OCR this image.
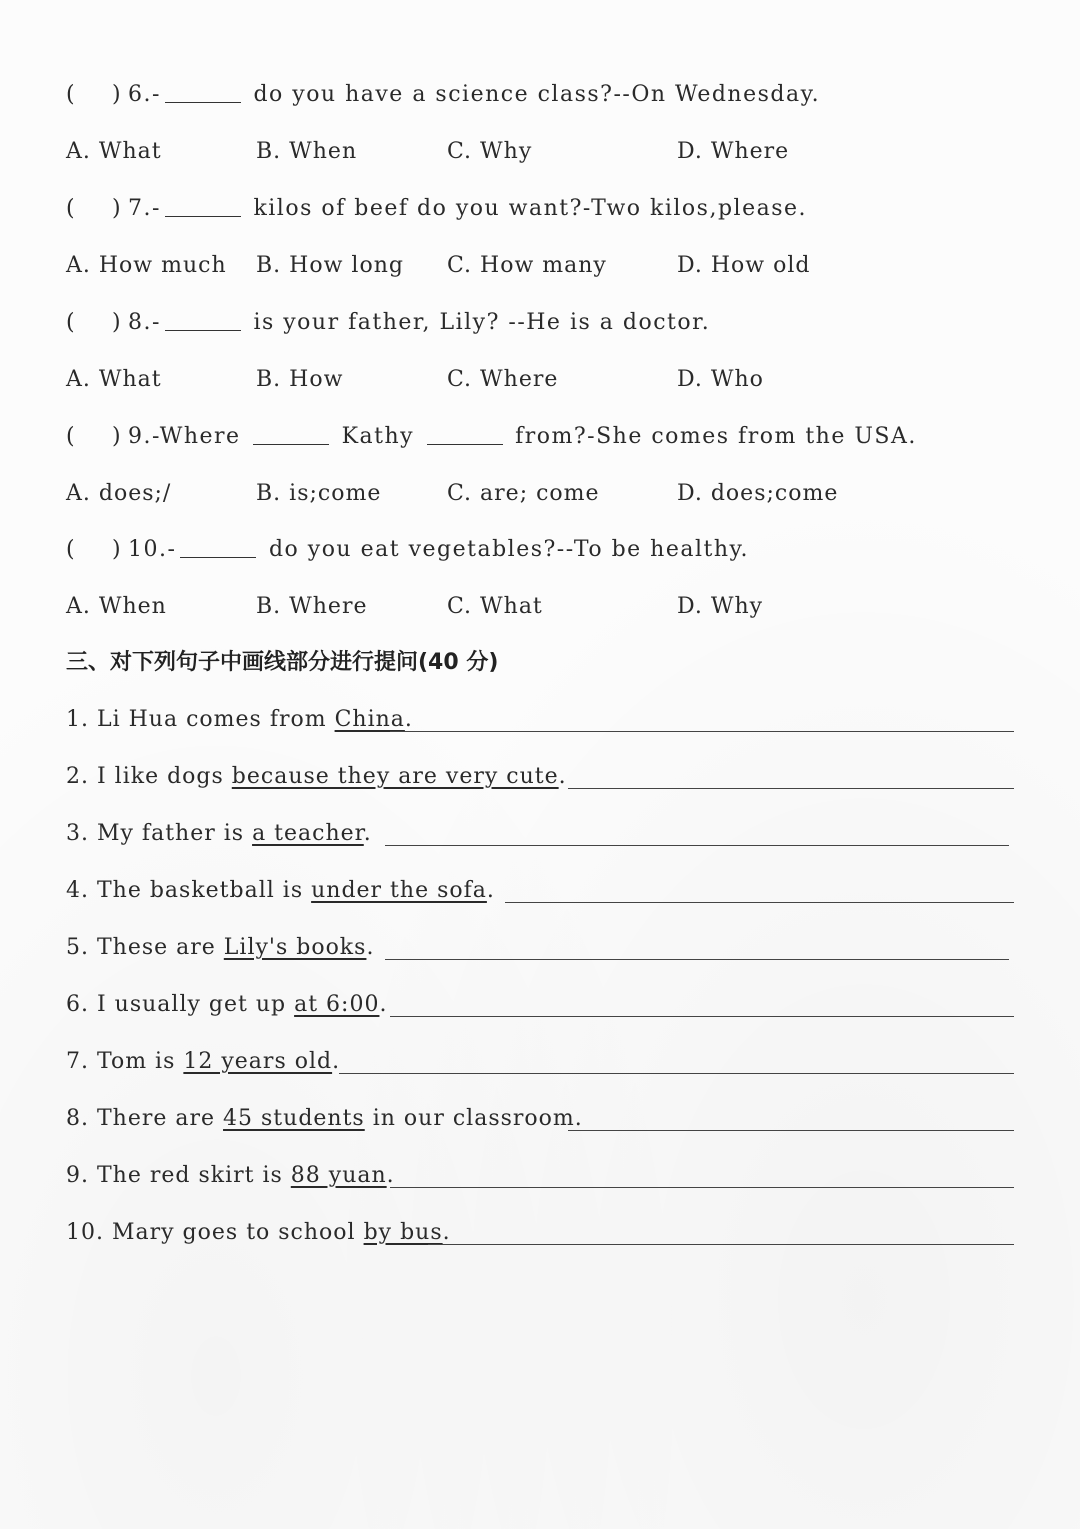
( ) 6.-	do you have a science class?--On Wednesday.
A. What	B. When	C. Why	D. Where
( ) 7.-	kilos of beef do you want?-Two kilos,please.
A. How much B. How long C. How many	D. How old
( ) 8.-	is your father, Lily? --He is a doctor.
A. What	B. How	C. Where	D. Who
( ) 9.-Where	Kathy	from?-She comes from the USA.
A. does;/	B. is;come	C. are; come	D. does;come
( ) 10.-	do you eat vegetables?--To be healthy.
A. When	B. Where	C. What	D. Why
三、对下列句子中画线部分进行提问(40 分)
1. Li Hua comes from China.
2. I like dogs because they are very cute.
3. My father is a teacher.
4. The basketball is under the sofa.
5. These are Lily's books.
6. I usually get up at 6:00.
7. Tom is 12 years old.
8. There are 45 students in our classroom.
9. The red skirt is 88 yuan.
10. Mary goes to school by bus.
